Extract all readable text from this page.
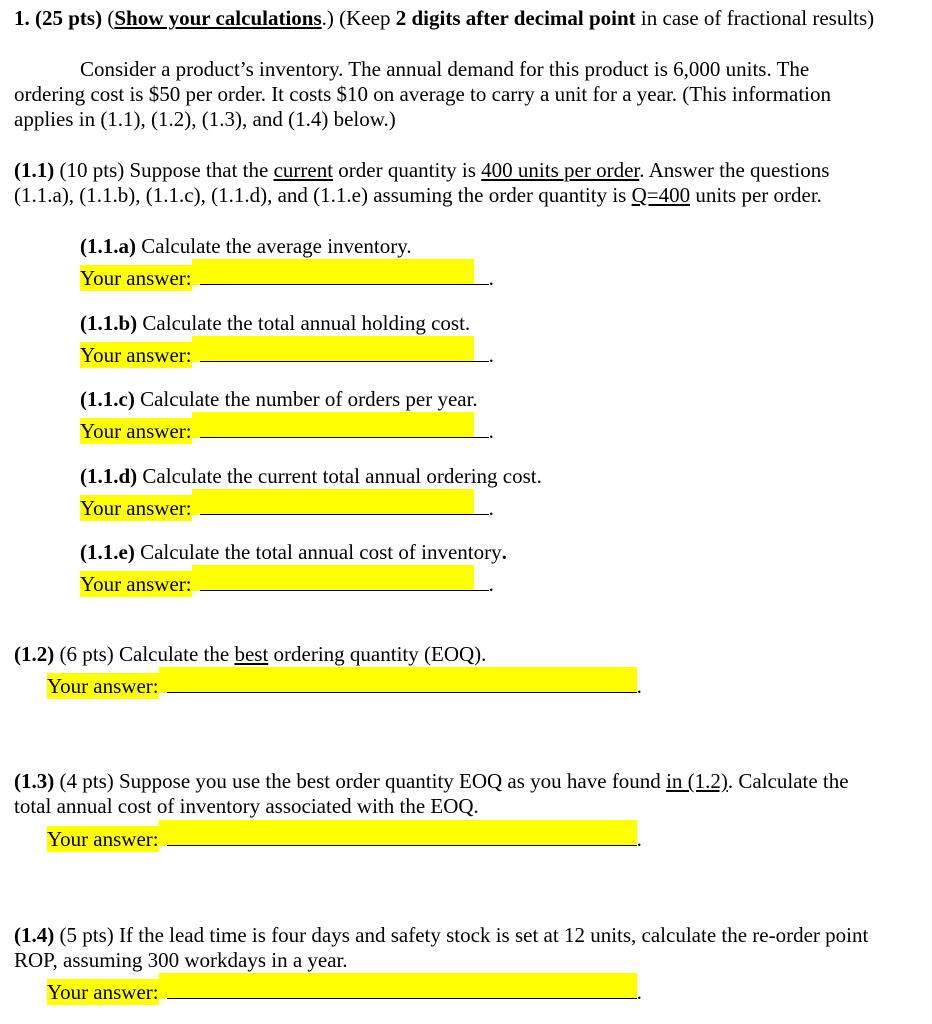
1. (25 pts) (Show your calculations.) (Keep 2 digits after decimal point in case of fractional results)

Consider a product’s inventory. The annual demand for this product is 6,000 units. The ordering cost is $50 per order. It costs $10 on average to carry a unit for a year. (This information applies in (1.1), (1.2), (1.3), and (1.4) below.)

(1.1) (10 pts) Suppose that the current order quantity is 400 units per order. Answer the questions (1.1.a), (1.1.b), (1.1.c), (1.1.d), and (1.1.e) assuming the order quantity is Q=400 units per order.

(1.1.a) Calculate the average inventory.

Your answer:	.

(1.1.b) Calculate the total annual holding cost.

Your answer:	.

(1.1.c) Calculate the number of orders per year.

Your answer:	.

(1.1.d) Calculate the current total annual ordering cost.

Your answer:	.

(1.1.e) Calculate the total annual cost of inventory.

Your answer:	.

(1.2) (6 pts) Calculate the best ordering quantity (EOQ).

Your answer:	.

(1.3) (4 pts) Suppose you use the best order quantity EOQ as you have found in (1.2). Calculate the total annual cost of inventory associated with the EOQ.

Your answer:	.

(1.4) (5 pts) If the lead time is four days and safety stock is set at 12 units, calculate the re-order point ROP, assuming 300 workdays in a year.

Your answer:	.
